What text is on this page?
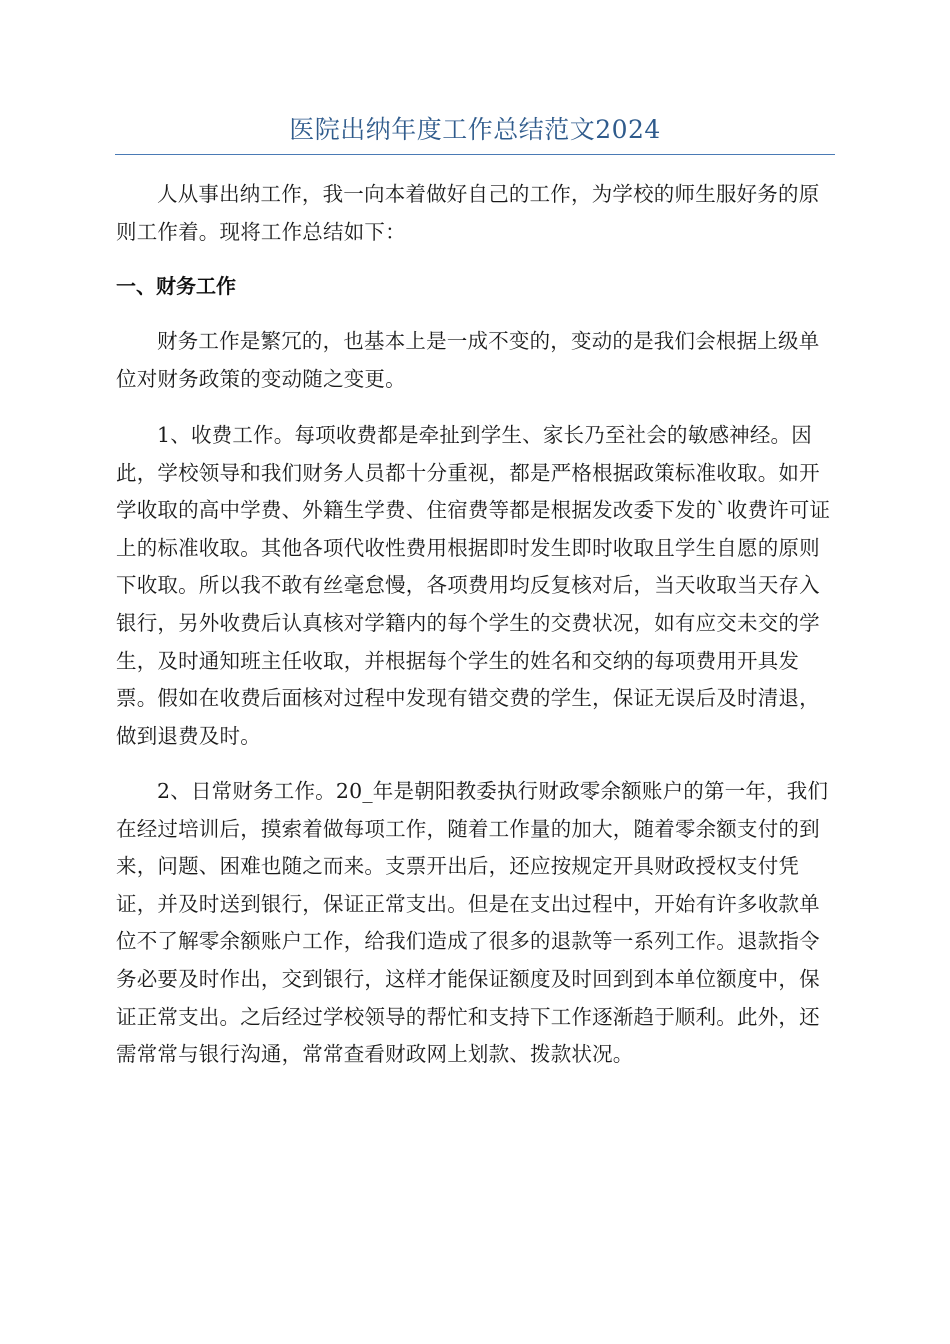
医院出纳年度工作总结范文2024

人从事出纳工作，我一向本着做好自己的工作，为学校的师生服好务的原则工作着。现将工作总结如下：

一、财务工作

财务工作是繁冗的，也基本上是一成不变的，变动的是我们会根据上级单位对财务政策的变动随之变更。

1、收费工作。每项收费都是牵扯到学生、家长乃至社会的敏感神经。因此，学校领导和我们财务人员都十分重视，都是严格根据政策标准收取。如开学收取的高中学费、外籍生学费、住宿费等都是根据发改委下发的`收费许可证上的标准收取。其他各项代收性费用根据即时发生即时收取且学生自愿的原则下收取。所以我不敢有丝毫怠慢，各项费用均反复核对后，当天收取当天存入银行，另外收费后认真核对学籍内的每个学生的交费状况，如有应交未交的学生，及时通知班主任收取，并根据每个学生的姓名和交纳的每项费用开具发票。假如在收费后面核对过程中发现有错交费的学生，保证无误后及时清退，做到退费及时。

2、日常财务工作。20_年是朝阳教委执行财政零余额账户的第一年，我们在经过培训后，摸索着做每项工作，随着工作量的加大，随着零余额支付的到来，问题、困难也随之而来。支票开出后，还应按规定开具财政授权支付凭证，并及时送到银行，保证正常支出。但是在支出过程中，开始有许多收款单位不了解零余额账户工作，给我们造成了很多的退款等一系列工作。退款指令务必要及时作出，交到银行，这样才能保证额度及时回到到本单位额度中，保证正常支出。之后经过学校领导的帮忙和支持下工作逐渐趋于顺利。此外，还需常常与银行沟通，常常查看财政网上划款、拨款状况。
